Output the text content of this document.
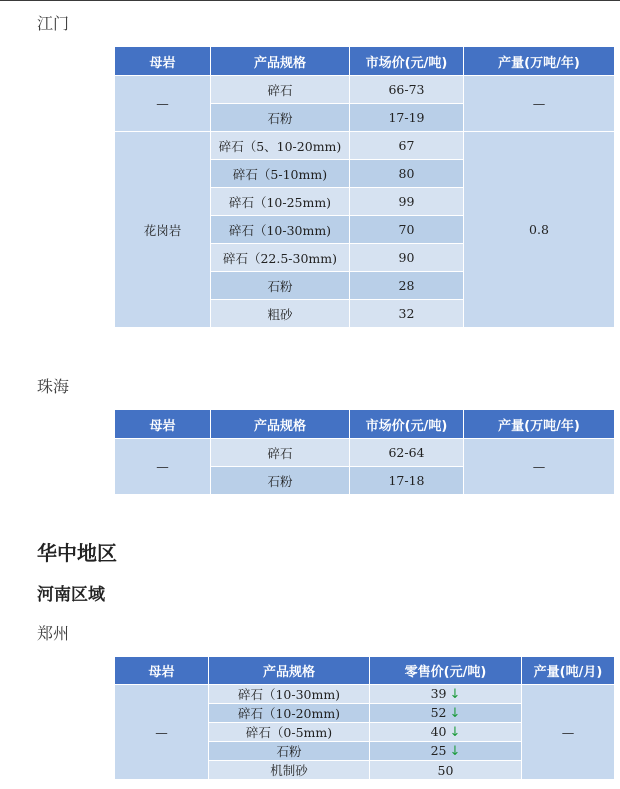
江门
母岩	产品规格	市场价(元/吨)	产量(万吨/年)
—	碎石	66-73	—
	石粉	17-19	
花岗岩	碎石（5、10-20mm)	67	0.8
	碎石（5-10mm)	80	
	碎石（10-25mm)	99	
	碎石（10-30mm)	70	
	碎石（22.5-30mm)	90	
	石粉	28	
	粗砂	32	
珠海
母岩	产品规格	市场价(元/吨)	产量(万吨/年)
—	碎石	62-64	—
	石粉	17-18	
华中地区
河南区域
郑州
母岩	产品规格	零售价(元/吨)	产量(吨/月)
—	碎石（10-30mm)	39 ↓	—
	碎石（10-20mm)	52 ↓	
	碎石（0-5mm)	40 ↓	
	石粉	25 ↓	
	机制砂	50	
